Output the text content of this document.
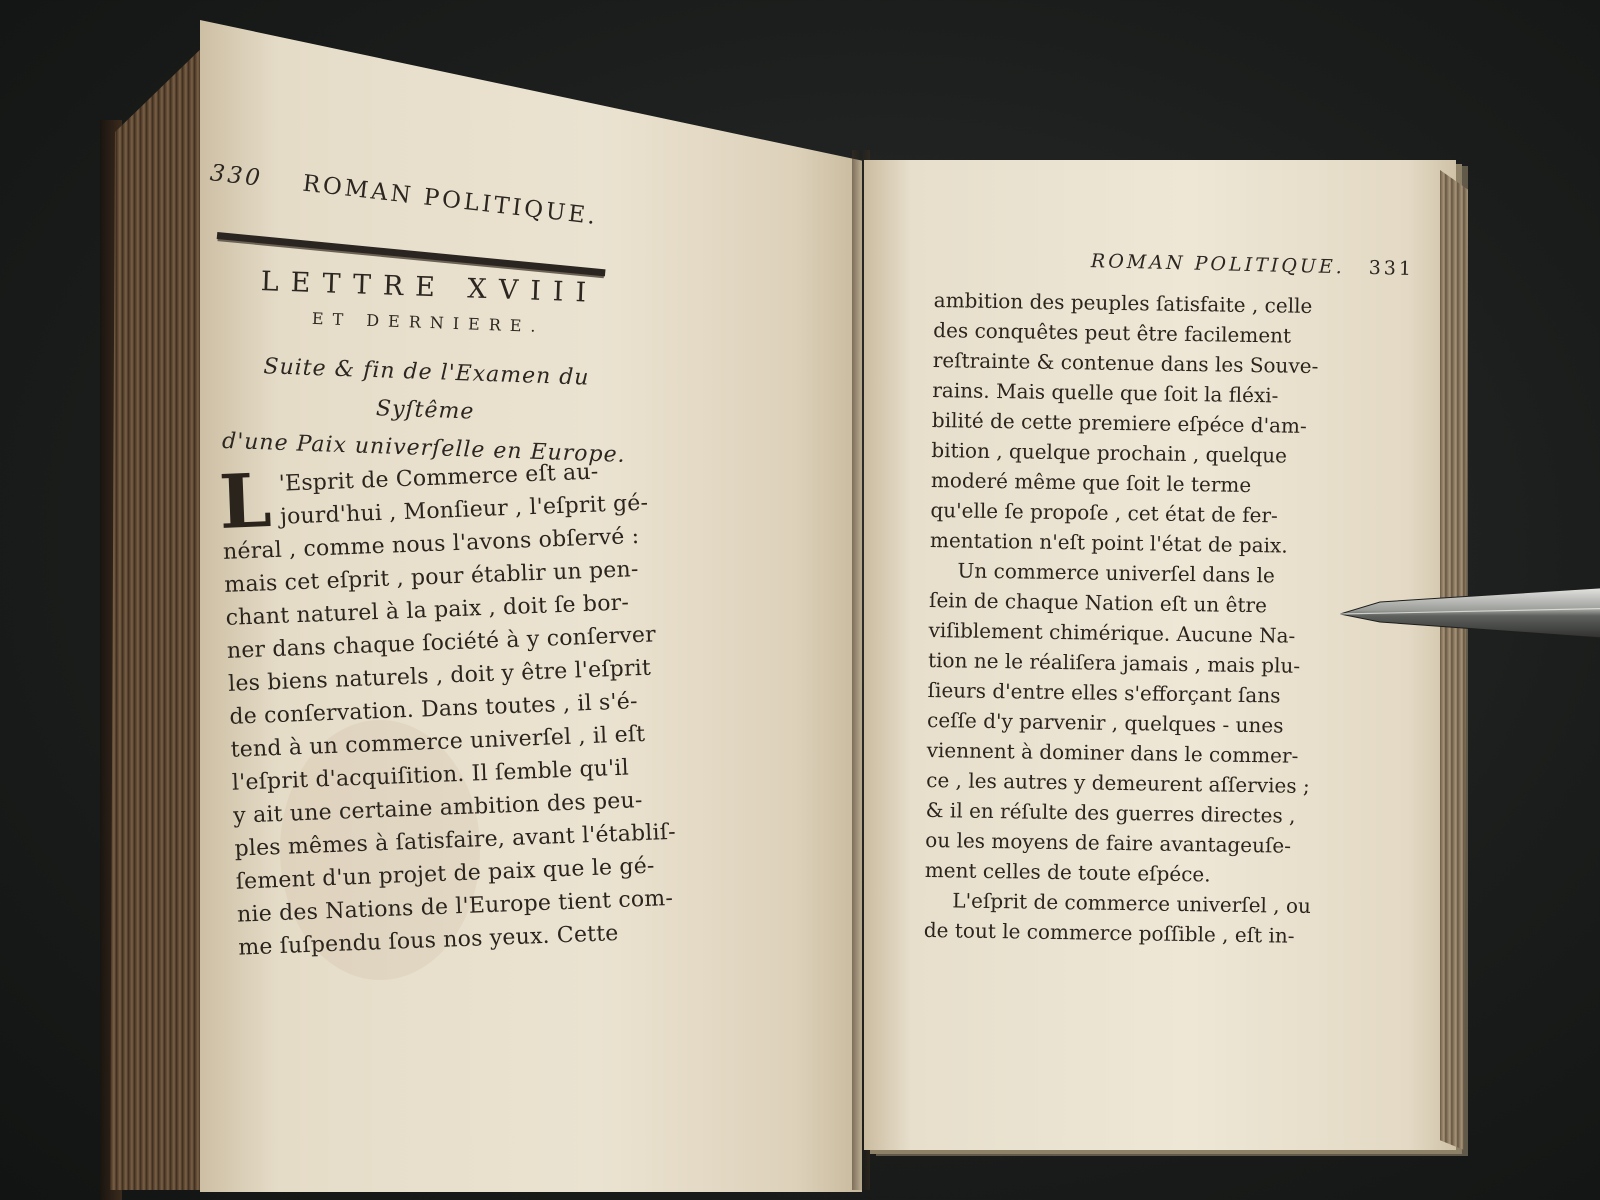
330 ROMAN POLITIQUE.
LETTRE XVIII
ET DERNIERE.
Suite & fin de l'Examen du Syſtême
d'une Paix univerſelle en Europe.
L 'Esprit de Commerce eſt au-
jourd'hui , Monſieur , l'eſprit gé-
néral , comme nous l'avons obſervé :
mais cet eſprit , pour établir un pen-
chant naturel à la paix , doit ſe bor-
ner dans chaque ſociété à y conſerver
les biens naturels , doit y être l'eſprit
de conſervation. Dans toutes , il s'é-
tend à un commerce univerſel , il eſt
l'eſprit d'acquiſition. Il ſemble qu'il
y ait une certaine ambition des peu-
ples mêmes à ſatisfaire, avant l'établiſ-
ſement d'un projet de paix que le gé-
nie des Nations de l'Europe tient com-
me ſuſpendu ſous nos yeux. Cette
ROMAN POLITIQUE. 331
ambition des peuples ſatisfaite , celle
des conquêtes peut être facilement
reſtrainte & contenue dans les Souve-
rains. Mais quelle que ſoit la fléxi-
bilité de cette premiere eſpéce d'am-
bition , quelque prochain , quelque
moderé même que ſoit le terme
qu'elle ſe propoſe , cet état de fer-
mentation n'eſt point l'état de paix.
Un commerce univerſel dans le
ſein de chaque Nation eſt un être
viſiblement chimérique. Aucune Na-
tion ne le réaliſera jamais , mais plu-
ſieurs d'entre elles s'efforçant ſans
ceſſe d'y parvenir , quelques - unes
viennent à dominer dans le commer-
ce , les autres y demeurent aſſervies ;
& il en réſulte des guerres directes ,
ou les moyens de faire avantageuſe-
ment celles de toute eſpéce.
L'eſprit de commerce univerſel , ou
de tout le commerce poſſible , eſt in-
